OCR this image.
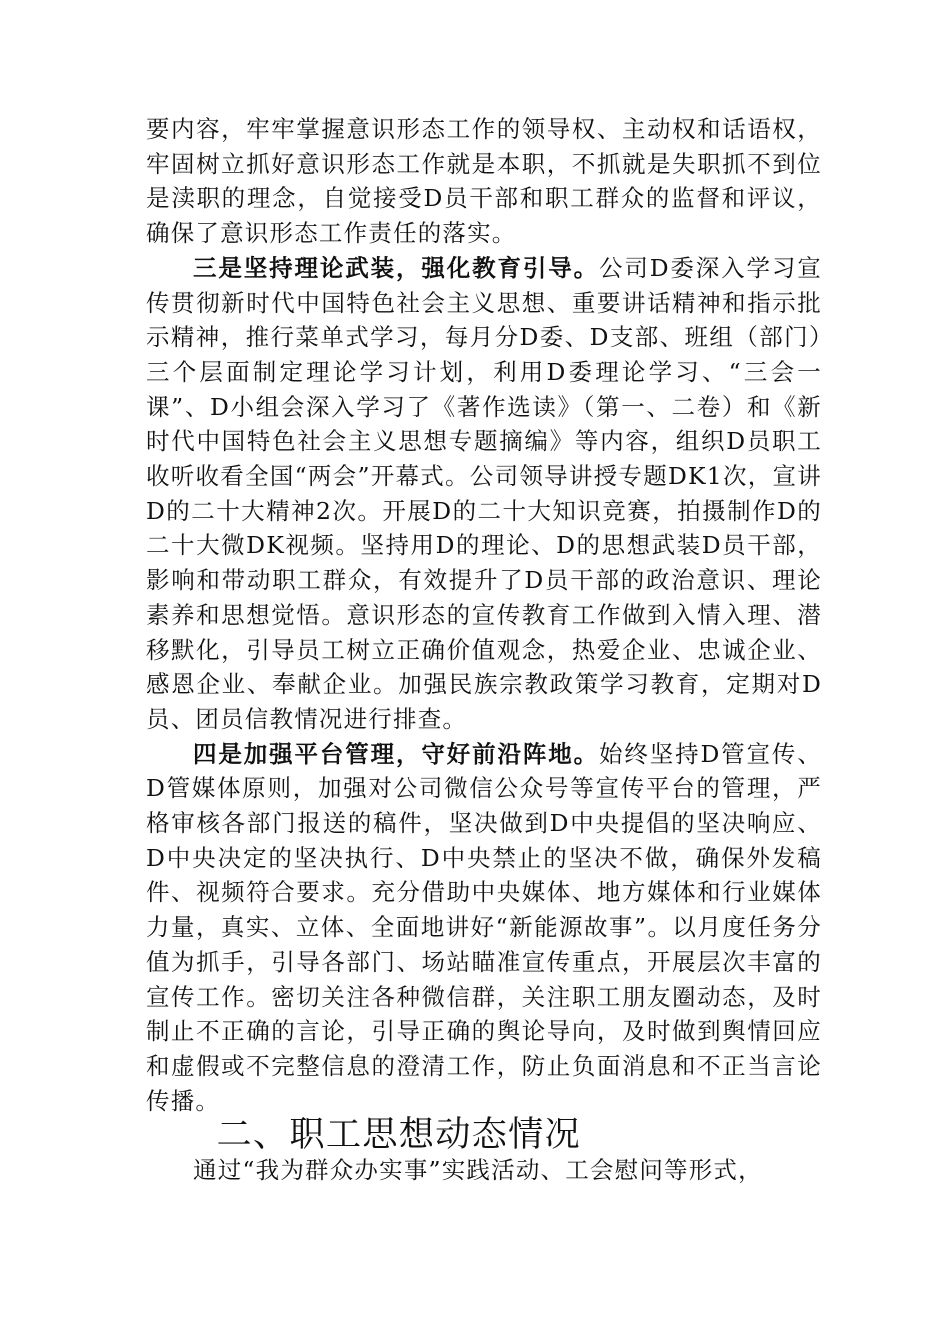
要内容，牢牢掌握意识形态工作的领导权、主动权和话语权，牢固树立抓好意识形态工作就是本职，不抓就是失职抓不到位是渎职的理念，自觉接受D员干部和职工群众的监督和评议，确保了意识形态工作责任的落实。

三是坚持理论武装，强化教育引导。公司D委深入学习宣传贯彻新时代中国特色社会主义思想、重要讲话精神和指示批示精神，推行菜单式学习，每月分D委、D支部、班组（部门）三个层面制定理论学习计划，利用D委理论学习、“三会一课”、D小组会深入学习了《著作选读》（第一、二卷）和《新时代中国特色社会主义思想专题摘编》等内容，组织D员职工收听收看全国“两会”开幕式。公司领导讲授专题DK1次，宣讲D的二十大精神2次。开展D的二十大知识竞赛，拍摄制作D的二十大微DK视频。坚持用D的理论、D的思想武装D员干部，影响和带动职工群众，有效提升了D员干部的政治意识、理论素养和思想觉悟。意识形态的宣传教育工作做到入情入理、潜移默化，引导员工树立正确价值观念，热爱企业、忠诚企业、感恩企业、奉献企业。加强民族宗教政策学习教育，定期对D员、团员信教情况进行排查。

四是加强平台管理，守好前沿阵地。始终坚持D管宣传、D管媒体原则，加强对公司微信公众号等宣传平台的管理，严格审核各部门报送的稿件，坚决做到D中央提倡的坚决响应、D中央决定的坚决执行、D中央禁止的坚决不做，确保外发稿件、视频符合要求。充分借助中央媒体、地方媒体和行业媒体力量，真实、立体、全面地讲好“新能源故事”。以月度任务分值为抓手，引导各部门、场站瞄准宣传重点，开展层次丰富的宣传工作。密切关注各种微信群，关注职工朋友圈动态，及时制止不正确的言论，引导正确的舆论导向，及时做到舆情回应和虚假或不完整信息的澄清工作，防止负面消息和不正当言论传播。

二、职工思想动态情况

通过“我为群众办实事”实践活动、工会慰问等形式，
